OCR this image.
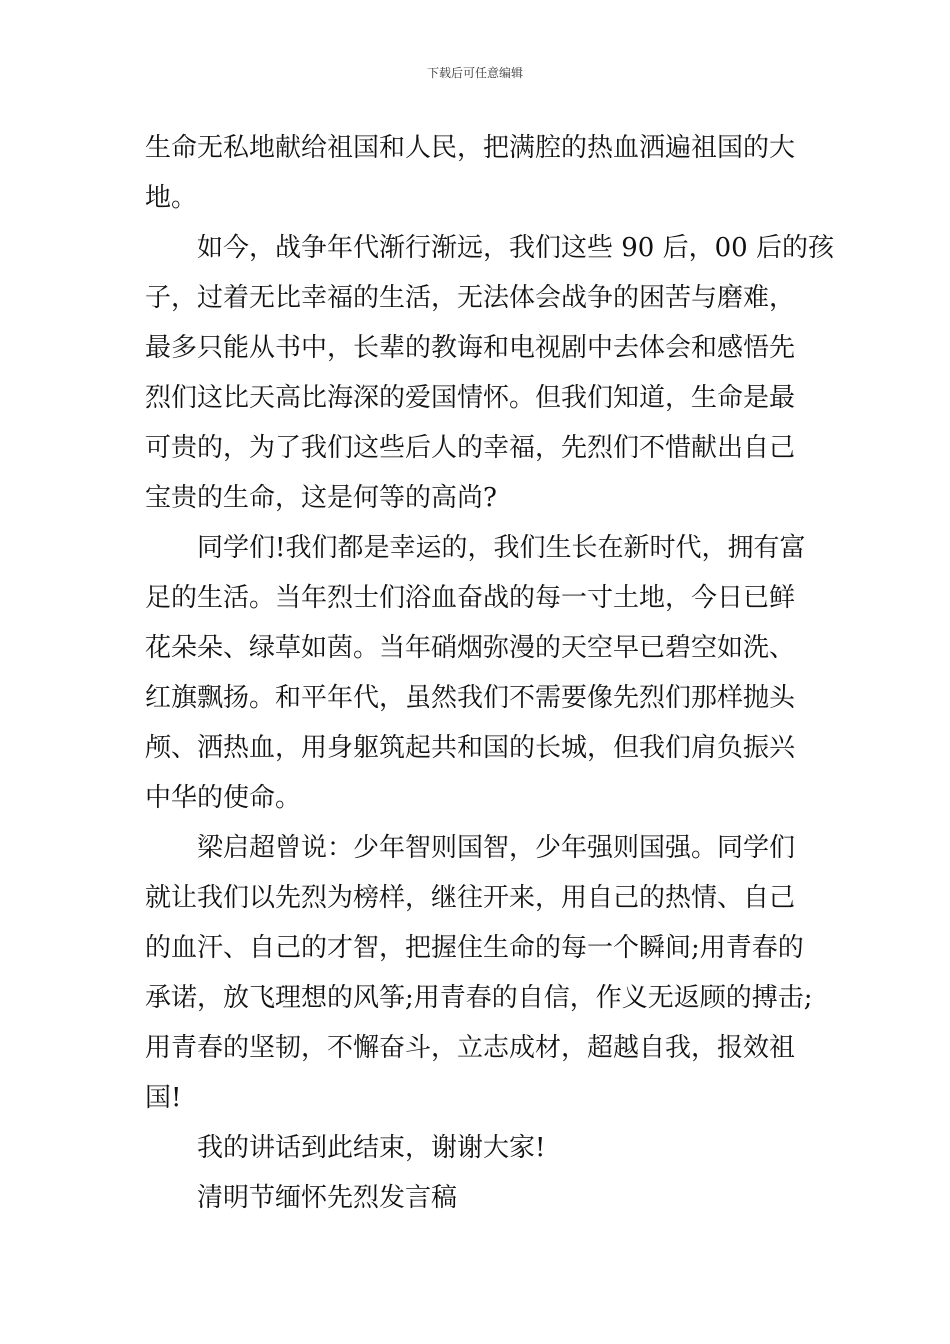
下载后可任意编辑

生命无私地献给祖国和人民，把满腔的热血洒遍祖国的大

地。

如今，战争年代渐行渐远，我们这些 90 后，00 后的孩

子，过着无比幸福的生活，无法体会战争的困苦与磨难，

最多只能从书中，长辈的教诲和电视剧中去体会和感悟先

烈们这比天高比海深的爱国情怀。但我们知道，生命是最

可贵的，为了我们这些后人的幸福，先烈们不惜献出自己

宝贵的生命，这是何等的高尚?

同学们!我们都是幸运的，我们生长在新时代，拥有富

足的生活。当年烈士们浴血奋战的每一寸土地，今日已鲜

花朵朵、绿草如茵。当年硝烟弥漫的天空早已碧空如洗、

红旗飘扬。和平年代，虽然我们不需要像先烈们那样抛头

颅、洒热血，用身躯筑起共和国的长城，但我们肩负振兴

中华的使命。

梁启超曾说：少年智则国智，少年强则国强。同学们

就让我们以先烈为榜样，继往开来，用自己的热情、自己

的血汗、自己的才智，把握住生命的每一个瞬间;用青春的

承诺，放飞理想的风筝;用青春的自信，作义无返顾的搏击;

用青春的坚韧，不懈奋斗，立志成材，超越自我，报效祖

国!

我的讲话到此结束，谢谢大家!

清明节缅怀先烈发言稿
